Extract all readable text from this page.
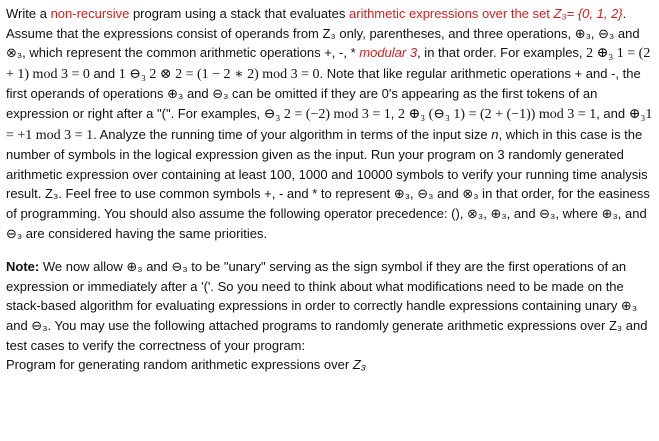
Write a non-recursive program using a stack that evaluates arithmetic expressions over the set Z₃= {0, 1, 2}. Assume that the expressions consist of operands from Z₃ only, parentheses, and three operations, ⊕₃, ⊖₃ and ⊗₃, which represent the common arithmetic operations +, -, * modular 3, in that order. For examples, 2 ⊕₃ 1 = (2 + 1) mod 3 = 0 and 1 ⊖₃ 2 ⊗ 2 = (1 − 2 ∗ 2) mod 3 = 0. Note that like regular arithmetic operations + and -, the first operands of operations ⊕₃ and ⊖₃ can be omitted if they are 0's appearing as the first tokens of an expression or right after a "(". For examples, ⊖₃ 2 = (−2) mod 3 = 1, 2 ⊕₃ (⊖₃ 1) = (2 + (−1)) mod 3 = 1, and ⊕₃1 = +1 mod 3 = 1. Analyze the running time of your algorithm in terms of the input size n, which in this case is the number of symbols in the logical expression given as the input. Run your program on 3 randomly generated arithmetic expression over containing at least 100, 1000 and 10000 symbols to verify your running time analysis result. Z₃. Feel free to use common symbols +, - and * to represent ⊕₃, ⊖₃ and ⊗₃ in that order, for the easiness of programming. You should also assume the following operator precedence: (), ⊗₃, ⊕₃, and ⊖₃, where ⊕₃, and ⊖₃ are considered having the same priorities.

Note: We now allow ⊕₃ and ⊖₃ to be "unary" serving as the sign symbol if they are the first operations of an expression or immediately after a '('. So you need to think about what modifications need to be made on the stack-based algorithm for evaluating expressions in order to correctly handle expressions containing unary ⊕₃ and ⊖₃. You may use the following attached programs to randomly generate arithmetic expressions over Z₃ and test cases to verify the correctness of your program:

Program for generating random arithmetic expressions over Z₃
